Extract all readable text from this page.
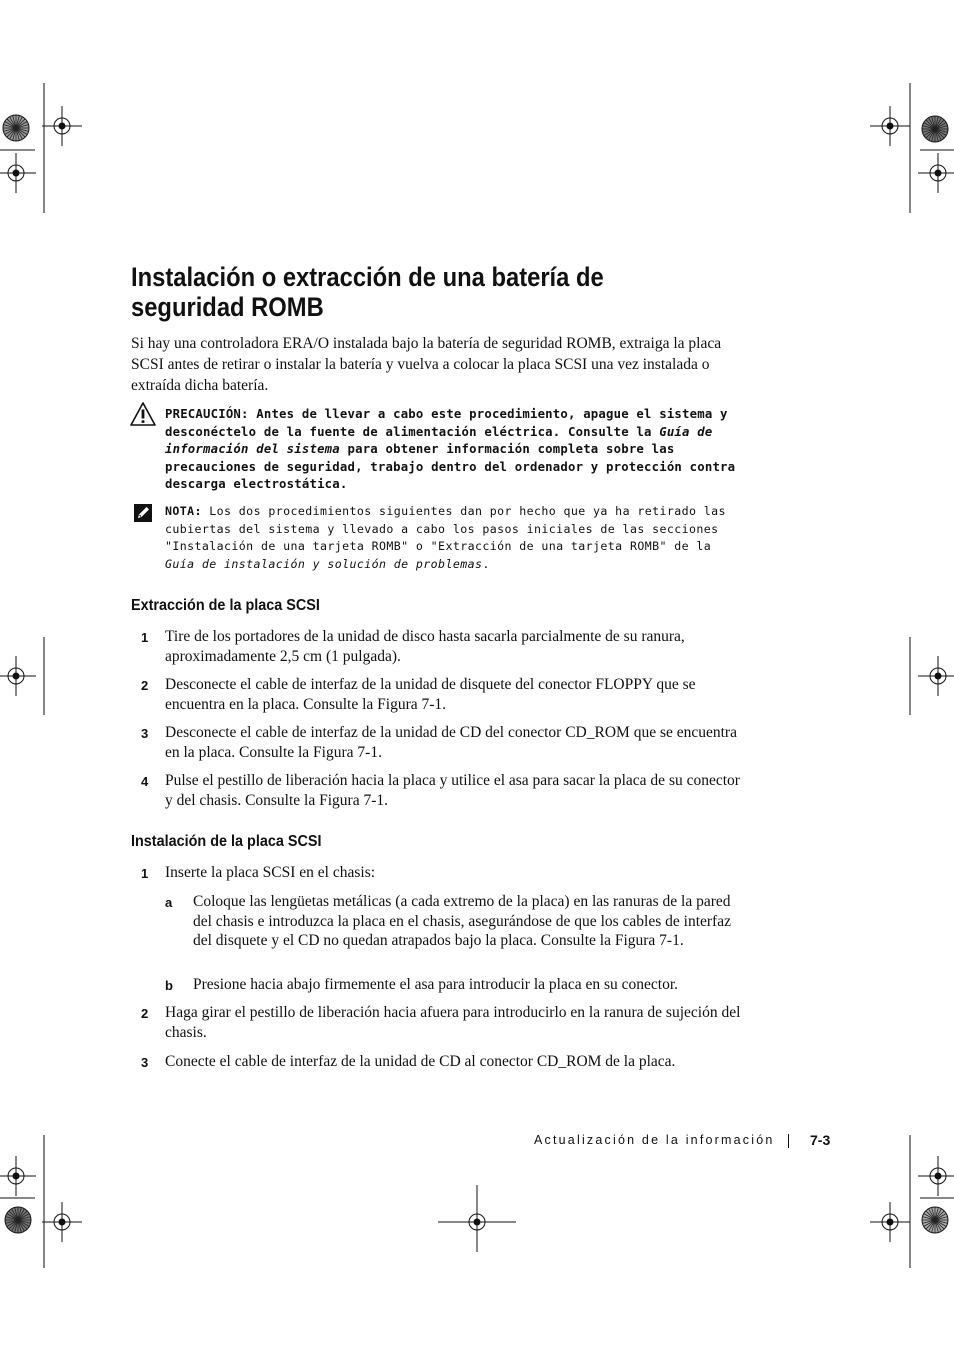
Instalación o extracción de una batería de seguridad ROMB

Si hay una controladora ERA/O instalada bajo la batería de seguridad ROMB, extraiga la placa SCSI antes de retirar o instalar la batería y vuelva a colocar la placa SCSI una vez instalada o extraída dicha batería.

PRECAUCIÓN: Antes de llevar a cabo este procedimiento, apague el sistema y desconéctelo de la fuente de alimentación eléctrica. Consulte la Guía de información del sistema para obtener información completa sobre las precauciones de seguridad, trabajo dentro del ordenador y protección contra descarga electrostática.
NOTA: Los dos procedimientos siguientes dan por hecho que ya ha retirado las cubiertas del sistema y llevado a cabo los pasos iniciales de las secciones "Instalación de una tarjeta ROMB" o "Extracción de una tarjeta ROMB" de la Guía de instalación y solución de problemas.
Extracción de la placa SCSI
1 Tire de los portadores de la unidad de disco hasta sacarla parcialmente de su ranura, aproximadamente 2,5 cm (1 pulgada).
2 Desconecte el cable de interfaz de la unidad de disquete del conector FLOPPY que se encuentra en la placa. Consulte la Figura 7-1.
3 Desconecte el cable de interfaz de la unidad de CD del conector CD_ROM que se encuentra en la placa. Consulte la Figura 7-1.
4 Pulse el pestillo de liberación hacia la placa y utilice el asa para sacar la placa de su conector y del chasis. Consulte la Figura 7-1.
Instalación de la placa SCSI
1 Inserte la placa SCSI en el chasis:
a Coloque las lengüetas metálicas (a cada extremo de la placa) en las ranuras de la pared del chasis e introduzca la placa en el chasis, asegurándose de que los cables de interfaz del disquete y el CD no quedan atrapados bajo la placa. Consulte la Figura 7-1.
b Presione hacia abajo firmemente el asa para introducir la placa en su conector.
2 Haga girar el pestillo de liberación hacia afuera para introducirlo en la ranura de sujeción del chasis.
3 Conecte el cable de interfaz de la unidad de CD al conector CD_ROM de la placa.
Actualización de la información	7-3
